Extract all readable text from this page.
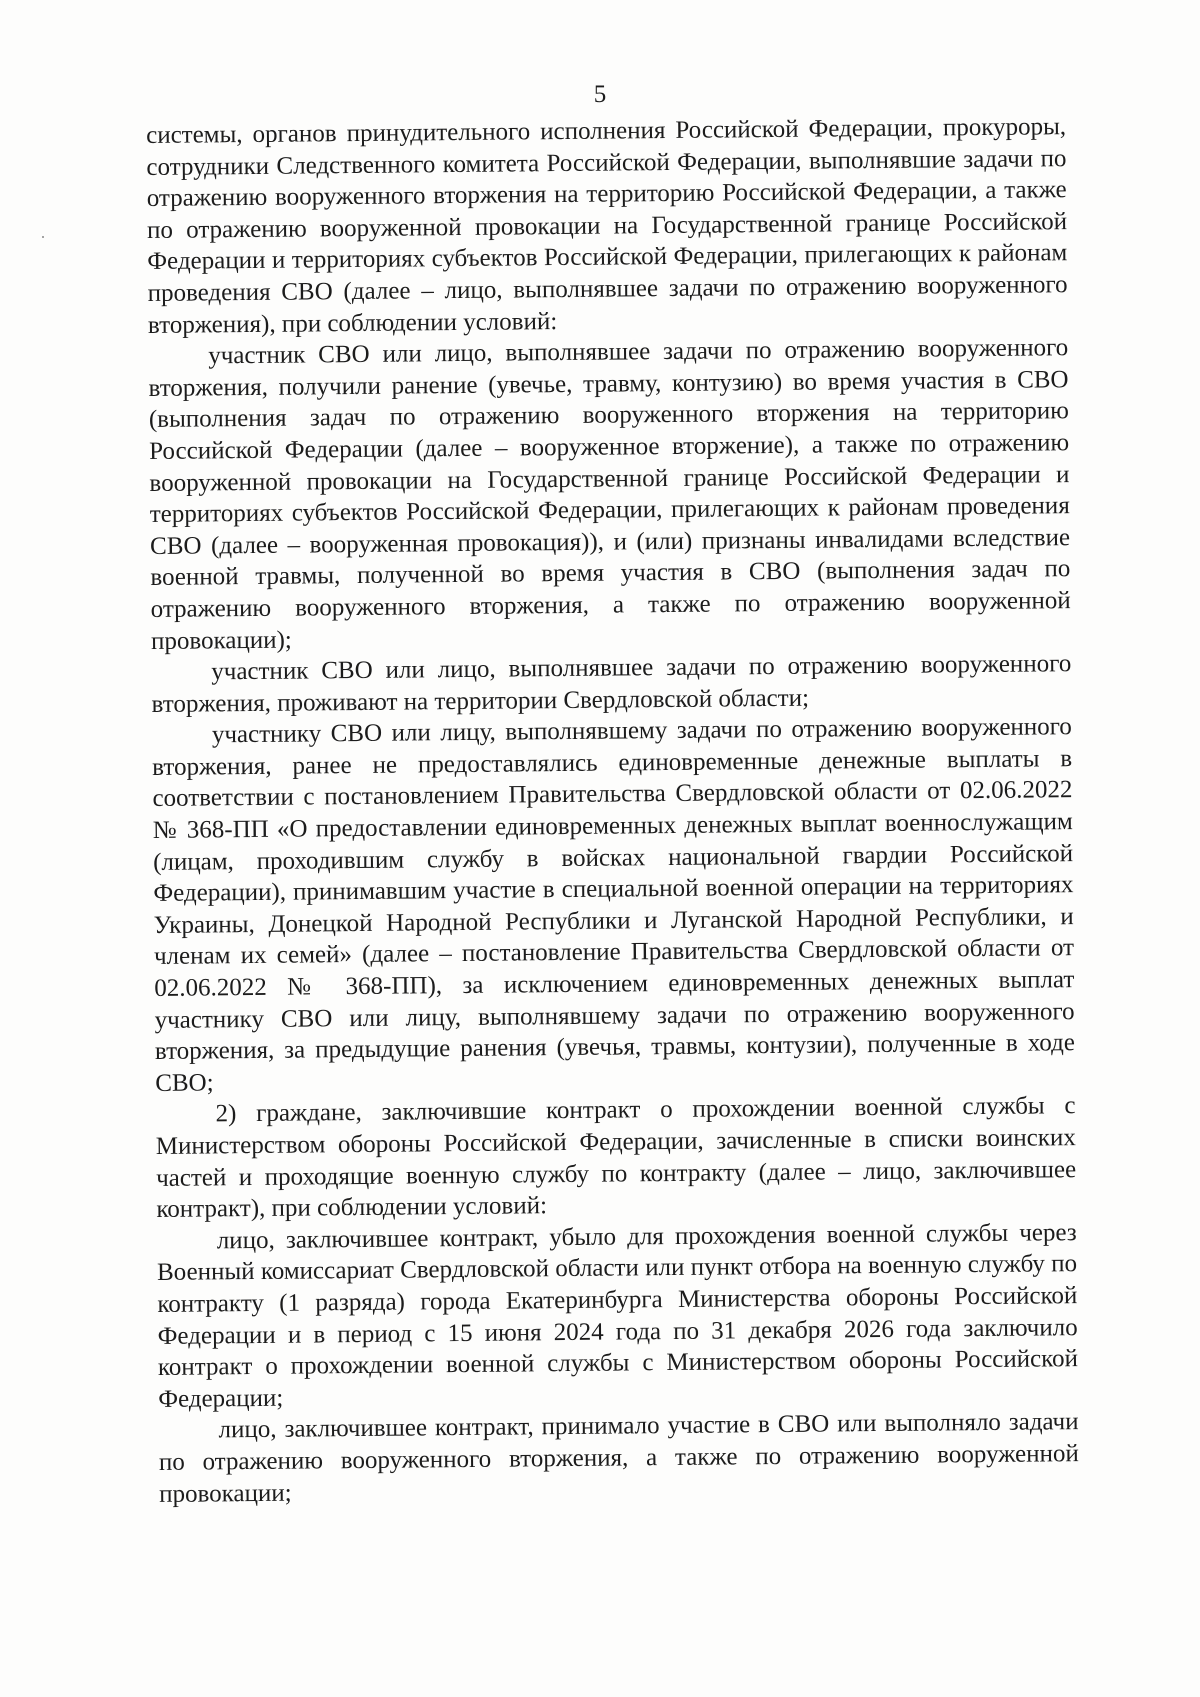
5

системы, органов принудительного исполнения Российской Федерации, прокуроры, сотрудники Следственного комитета Российской Федерации, выполнявшие задачи по отражению вооруженного вторжения на территорию Российской Федерации, а также по отражению вооруженной провокации на Государственной границе Российской Федерации и территориях субъектов Российской Федерации, прилегающих к районам проведения СВО (далее – лицо, выполнявшее задачи по отражению вооруженного вторжения), при соблюдении условий:

участник СВО или лицо, выполнявшее задачи по отражению вооруженного вторжения, получили ранение (увечье, травму, контузию) во время участия в СВО (выполнения задач по отражению вооруженного вторжения на территорию Российской Федерации (далее – вооруженное вторжение), а также по отражению вооруженной провокации на Государственной границе Российской Федерации и территориях субъектов Российской Федерации, прилегающих к районам проведения СВО (далее – вооруженная провокация)), и (или) признаны инвалидами вследствие военной травмы, полученной во время участия в СВО (выполнения задач по отражению вооруженного вторжения, а также по отражению вооруженной провокации);

участник СВО или лицо, выполнявшее задачи по отражению вооруженного вторжения, проживают на территории Свердловской области;

участнику СВО или лицу, выполнявшему задачи по отражению вооруженного вторжения, ранее не предоставлялись единовременные денежные выплаты в соответствии с постановлением Правительства Свердловской области от 02.06.2022 № 368-ПП «О предоставлении единовременных денежных выплат военнослужащим (лицам, проходившим службу в войсках национальной гвардии Российской Федерации), принимавшим участие в специальной военной операции на территориях Украины, Донецкой Народной Республики и Луганской Народной Республики, и членам их семей» (далее – постановление Правительства Свердловской области от 02.06.2022 № 368-ПП), за исключением единовременных денежных выплат участнику СВО или лицу, выполнявшему задачи по отражению вооруженного вторжения, за предыдущие ранения (увечья, травмы, контузии), полученные в ходе СВО;

2) граждане, заключившие контракт о прохождении военной службы с Министерством обороны Российской Федерации, зачисленные в списки воинских частей и проходящие военную службу по контракту (далее – лицо, заключившее контракт), при соблюдении условий:

лицо, заключившее контракт, убыло для прохождения военной службы через Военный комиссариат Свердловской области или пункт отбора на военную службу по контракту (1 разряда) города Екатеринбурга Министерства обороны Российской Федерации и в период с 15 июня 2024 года по 31 декабря 2026 года заключило контракт о прохождении военной службы с Министерством обороны Российской Федерации;

лицо, заключившее контракт, принимало участие в СВО или выполняло задачи по отражению вооруженного вторжения, а также по отражению вооруженной провокации;
